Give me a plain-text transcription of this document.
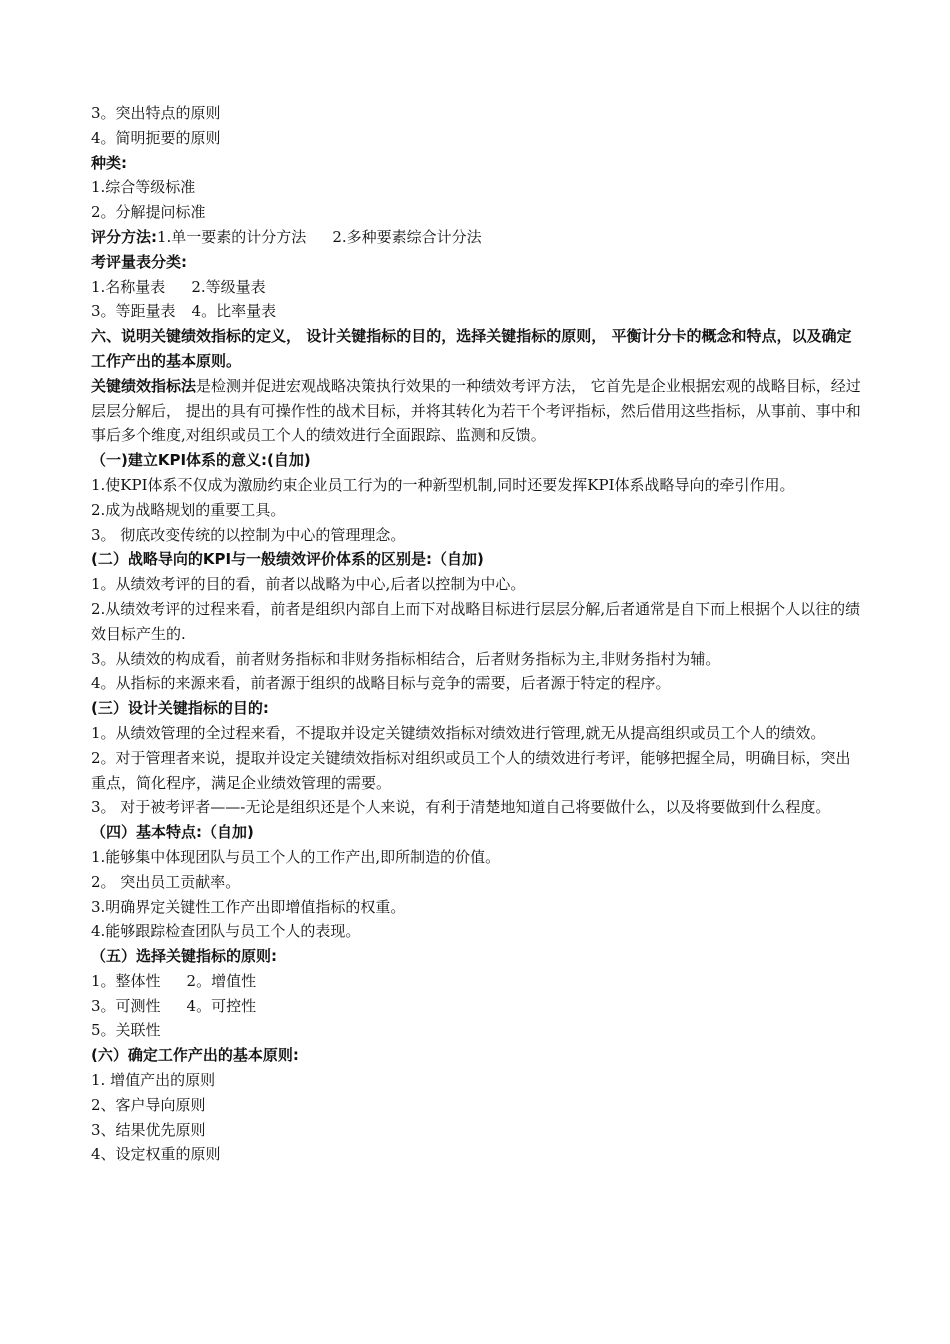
3。突出特点的原则

4。简明扼要的原则

种类:

1.综合等级标准

2。分解提问标准

评分方法:1.单一要素的计分方法 2.多种要素综合计分法

考评量表分类:

1.名称量表 2.等级量表

3。等距量表 4。比率量表

六、说明关键绩效指标的定义， 设计关键指标的目的，选择关键指标的原则， 平衡计分卡的概念和特点，以及确定工作产出的基本原则。

关键绩效指标法是检测并促进宏观战略决策执行效果的一种绩效考评方法， 它首先是企业根据宏观的战略目标，经过层层分解后， 提出的具有可操作性的战术目标，并将其转化为若干个考评指标，然后借用这些指标，从事前、事中和事后多个维度,对组织或员工个人的绩效进行全面跟踪、监测和反馈。

（一)建立KPI体系的意义:(自加)

1.使KPI体系不仅成为激励约束企业员工行为的一种新型机制,同时还要发挥KPI体系战略导向的牵引作用。

2.成为战略规划的重要工具。

3。 彻底改变传统的以控制为中心的管理理念。

(二）战略导向的KPI与一般绩效评价体系的区别是:（自加)

1。从绩效考评的目的看，前者以战略为中心,后者以控制为中心。

2.从绩效考评的过程来看，前者是组织内部自上而下对战略目标进行层层分解,后者通常是自下而上根据个人以往的绩效目标产生的.

3。从绩效的构成看，前者财务指标和非财务指标相结合，后者财务指标为主,非财务指村为辅。

4。从指标的来源来看，前者源于组织的战略目标与竞争的需要，后者源于特定的程序。

(三）设计关键指标的目的:

1。从绩效管理的全过程来看，不提取并设定关键绩效指标对绩效进行管理,就无从提高组织或员工个人的绩效。

2。对于管理者来说，提取并设定关键绩效指标对组织或员工个人的绩效进行考评，能够把握全局，明确目标，突出重点，简化程序，满足企业绩效管理的需要。

3。 对于被考评者——-无论是组织还是个人来说，有利于清楚地知道自己将要做什么，以及将要做到什么程度。

（四）基本特点:（自加)

1.能够集中体现团队与员工个人的工作产出,即所制造的价值。

2。 突出员工贡献率。

3.明确界定关键性工作产出即增值指标的权重。

4.能够跟踪检查团队与员工个人的表现。

（五）选择关键指标的原则:

1。整体性 2。增值性

3。可测性 4。可控性

5。关联性

(六）确定工作产出的基本原则:

1. 增值产出的原则

2、客户导向原则

3、结果优先原则

4、设定权重的原则
